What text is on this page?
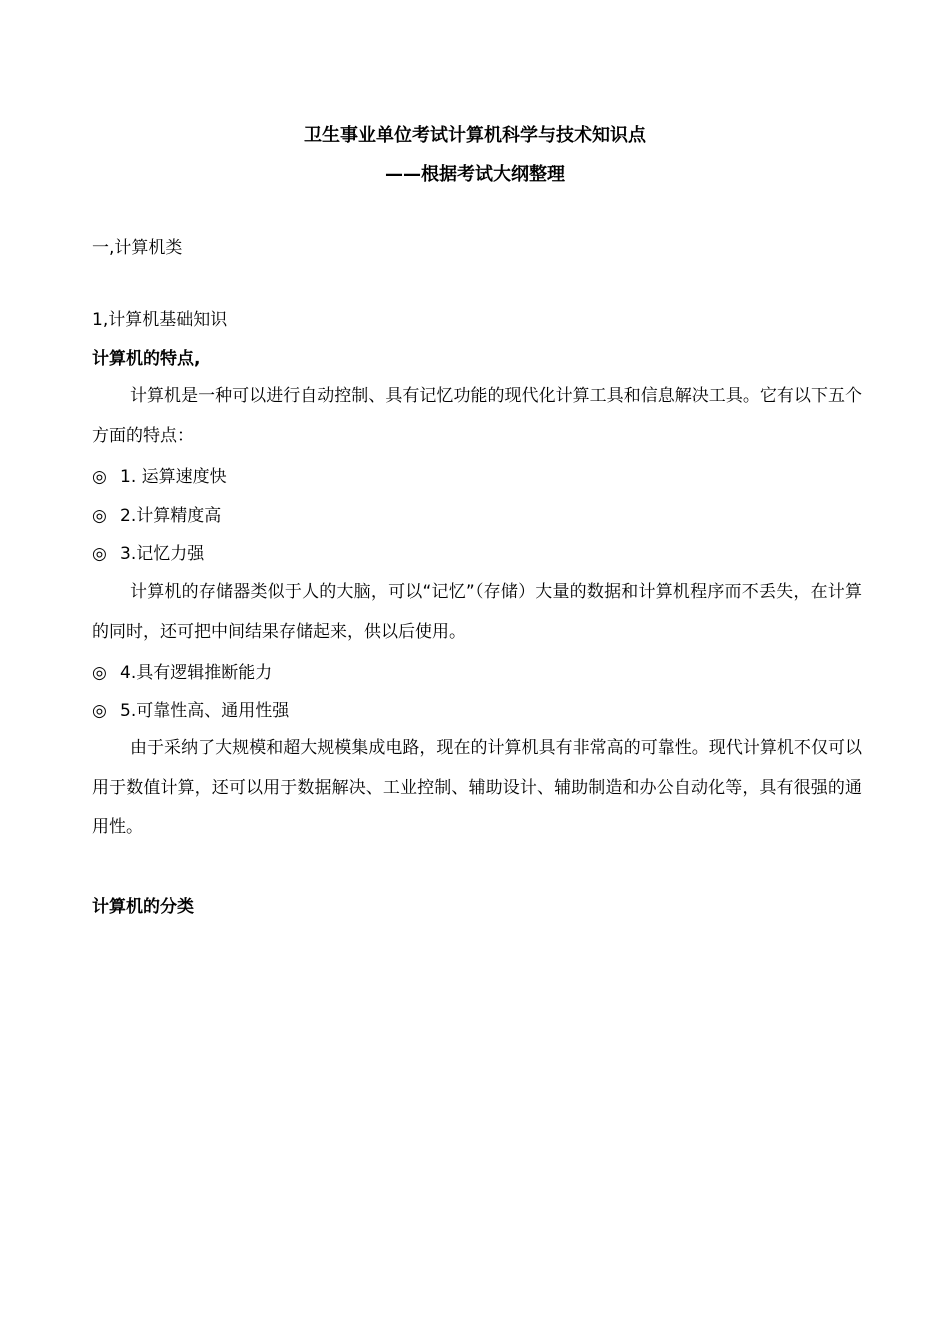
卫生事业单位考试计算机科学与技术知识点
——根据考试大纲整理
一,计算机类
1,计算机基础知识
计算机的特点,
计算机是一种可以进行自动控制、具有记忆功能的现代化计算工具和信息解决工具。它有以下五个方面的特点：
◎ 1. 运算速度快
◎ 2.计算精度高
◎ 3.记忆力强
计算机的存储器类似于人的大脑，可以“记忆”（存储）大量的数据和计算机程序而不丢失，在计算的同时，还可把中间结果存储起来，供以后使用。
◎ 4.具有逻辑推断能力
◎ 5.可靠性高、通用性强
由于采纳了大规模和超大规模集成电路，现在的计算机具有非常高的可靠性。现代计算机不仅可以用于数值计算，还可以用于数据解决、工业控制、辅助设计、辅助制造和办公自动化等，具有很强的通用性。
计算机的分类
